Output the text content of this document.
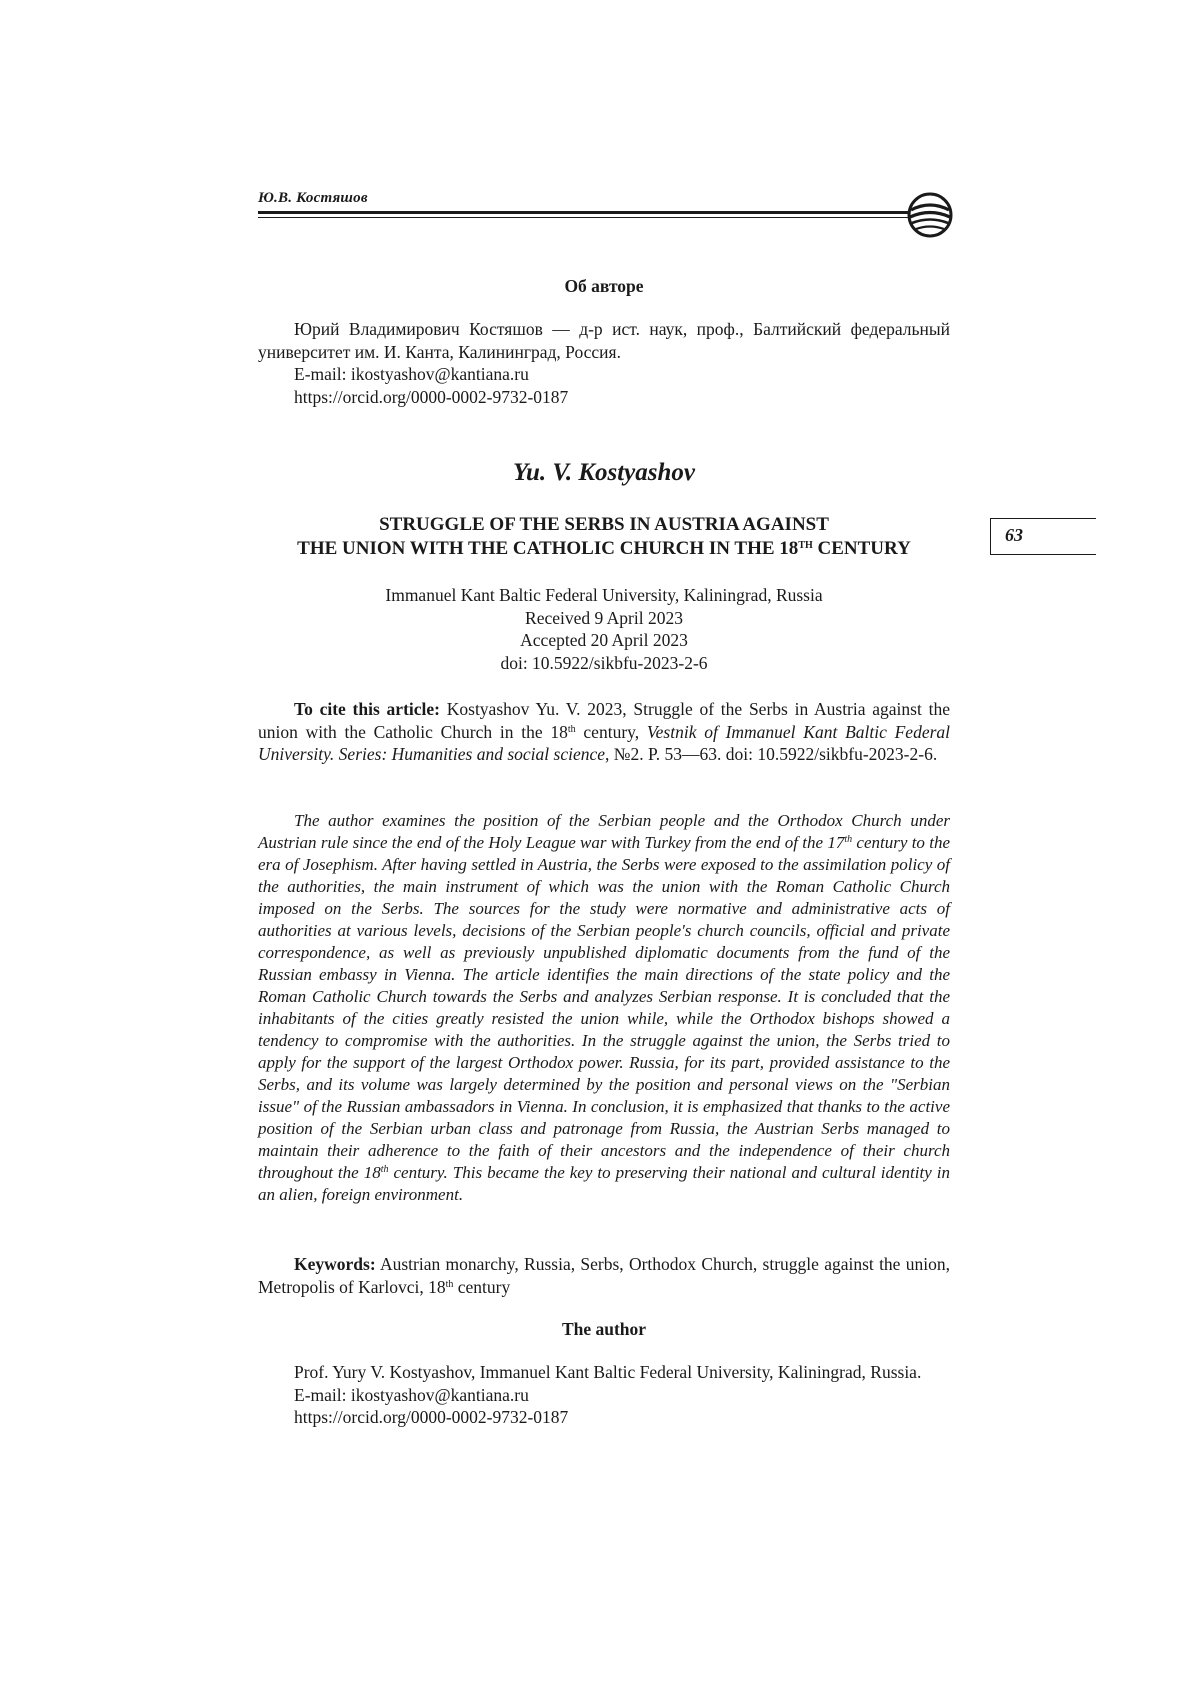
Ю.В. Костяшов
63
Об авторе

Юрий Владимирович Костяшов — д-р ист. наук, проф., Балтийский федеральный университет им. И. Канта, Калининград, Россия.

E-mail: ikostyashov@kantiana.ru

https://orcid.org/0000-0002-9732-0187

Yu. V. Kostyashov
STRUGGLE OF THE SERBS IN AUSTRIA AGAINST
THE UNION WITH THE CATHOLIC CHURCH IN THE 18TH CENTURY
Immanuel Kant Baltic Federal University, Kaliningrad, Russia
Received 9 April 2023
Accepted 20 April 2023
doi: 10.5922/sikbfu-2023-2-6
To cite this article: Kostyashov Yu. V. 2023, Struggle of the Serbs in Austria against the union with the Catholic Church in the 18th century, Vestnik of Immanuel Kant Baltic Federal University. Series: Humanities and social science, №2. P. 53—63. doi: 10.5922/sikbfu-2023-2-6.
The author examines the position of the Serbian people and the Orthodox Church under Austrian rule since the end of the Holy League war with Turkey from the end of the 17th century to the era of Josephism. After having settled in Austria, the Serbs were exposed to the assimilation policy of the authorities, the main instrument of which was the union with the Roman Catholic Church imposed on the Serbs. The sources for the study were normative and administrative acts of authorities at various levels, decisions of the Serbian people's church councils, official and private correspondence, as well as previously unpublished diplomatic documents from the fund of the Russian embassy in Vienna. The article identifies the main directions of the state policy and the Roman Catholic Church towards the Serbs and analyzes Serbian response. It is concluded that the inhabitants of the cities greatly resisted the union while, while the Orthodox bishops showed a tendency to compromise with the authorities. In the struggle against the union, the Serbs tried to apply for the support of the largest Orthodox power. Russia, for its part, provided assistance to the Serbs, and its volume was largely determined by the position and personal views on the "Serbian issue" of the Russian ambassadors in Vienna. In conclusion, it is emphasized that thanks to the active position of the Serbian urban class and patronage from Russia, the Austrian Serbs managed to maintain their adherence to the faith of their ancestors and the independence of their church throughout the 18th century. This became the key to preserving their national and cultural identity in an alien, foreign environment.
Keywords: Austrian monarchy, Russia, Serbs, Orthodox Church, struggle against the union, Metropolis of Karlovci, 18th century
The author

Prof. Yury V. Kostyashov, Immanuel Kant Baltic Federal University, Kaliningrad, Russia.

E-mail: ikostyashov@kantiana.ru

https://orcid.org/0000-0002-9732-0187
